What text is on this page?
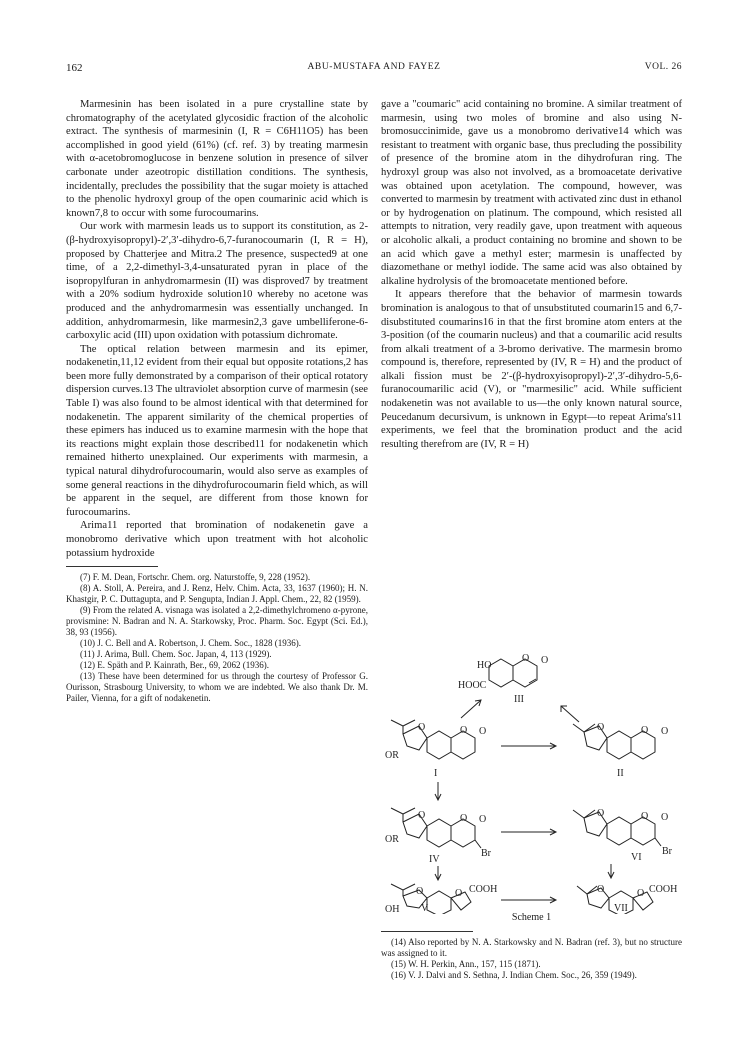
162	ABU-MUSTAFA AND FAYEZ	VOL. 26

Marmesinin has been isolated in a pure crystalline state by chromatography of the acetylated glycosidic fraction of the alcoholic extract. The synthesis of marmesinin (I, R = C6H11O5) has been accomplished in good yield (61%) (cf. ref. 3) by treating marmesin with α-acetobromoglucose in benzene solution in presence of silver carbonate under azeotropic distillation conditions. The synthesis, incidentally, precludes the possibility that the sugar moiety is attached to the phenolic hydroxyl group of the open coumarinic acid which is known7,8 to occur with some furocoumarins.

Our work with marmesin leads us to support its constitution, as 2-(β-hydroxyisopropyl)-2′,3′-dihydro-6,7-furanocoumarin (I, R = H), proposed by Chatterjee and Mitra.2 The presence, suspected9 at one time, of a 2,2-dimethyl-3,4-unsaturated pyran in place of the isopropylfuran in anhydromarmesin (II) was disproved7 by treatment with a 20% sodium hydroxide solution10 whereby no acetone was produced and the anhydromarmesin was essentially unchanged. In addition, anhydromarmesin, like marmesin2,3 gave umbelliferone-6-carboxylic acid (III) upon oxidation with potassium dichromate.

The optical relation between marmesin and its epimer, nodakenetin,11,12 evident from their equal but opposite rotations,2 has been more fully demonstrated by a comparison of their optical rotatory dispersion curves.13 The ultraviolet absorption curve of marmesin (see Table I) was also found to be almost identical with that determined for nodakenetin. The apparent similarity of the chemical properties of these epimers has induced us to examine marmesin with the hope that its reactions might explain those described11 for nodakenetin which remained hitherto unexplained. Our experiments with marmesin, a typical natural dihydrofurocoumarin, would also serve as examples of some general reactions in the dihydrofurocoumarin field which, as will be apparent in the sequel, are different from those known for furocoumarins.

Arima11 reported that bromination of nodakenetin gave a monobromo derivative which upon treatment with hot alcoholic potassium hydroxide

(7) F. M. Dean, Fortschr. Chem. org. Naturstoffe, 9, 228 (1952).

(8) A. Stoll, A. Pereira, and J. Renz, Helv. Chim. Acta, 33, 1637 (1960); H. N. Khastgir, P. C. Duttagupta, and P. Sengupta, Indian J. Appl. Chem., 22, 82 (1959).

(9) From the related A. visnaga was isolated a 2,2-dimethylchromeno α-pyrone, provismine: N. Badran and N. A. Starkowsky, Proc. Pharm. Soc. Egypt (Sci. Ed.), 38, 93 (1956).

(10) J. C. Bell and A. Robertson, J. Chem. Soc., 1828 (1936).

(11) J. Arima, Bull. Chem. Soc. Japan, 4, 113 (1929).

(12) E. Späth and P. Kainrath, Ber., 69, 2062 (1936).

(13) These have been determined for us through the courtesy of Professor G. Ourisson, Strasbourg University, to whom we are indebted. We also thank Dr. M. Pailer, Vienna, for a gift of nodakenetin.

gave a "coumaric" acid containing no bromine. A similar treatment of marmesin, using two moles of bromine and also using N-bromosuccinimide, gave us a monobromo derivative14 which was resistant to treatment with organic base, thus precluding the possibility of presence of the bromine atom in the dihydrofuran ring. The hydroxyl group was also not involved, as a bromoacetate derivative was obtained upon acetylation. The compound, however, was converted to marmesin by treatment with activated zinc dust in ethanol or by hydrogenation on platinum. The compound, which resisted all attempts to nitration, very readily gave, upon treatment with aqueous or alcoholic alkali, a product containing no bromine and shown to be an acid which gave a methyl ester; marmesin is unaffected by diazomethane or methyl iodide. The same acid was also obtained by alkaline hydrolysis of the bromoacetate mentioned before.

It appears therefore that the behavior of marmesin towards bromination is analogous to that of unsubstituted coumarin15 and 6,7-disubstituted coumarins16 in that the first bromine atom enters at the 3-position (of the coumarin nucleus) and that a coumarilic acid results from alkali treatment of a 3-bromo derivative. The marmesin bromo compound is, therefore, represented by (IV, R = H) and the product of alkali fission must be 2′-(β-hydroxyisopropyl)-2′,3′-dihydro-5,6-furanocoumarilic acid (V), or "marmesilic" acid. While sufficient nodakenetin was not available to us—the only known natural source, Peucedanum decursivum, is unknown in Egypt—to repeat Arima's11 experiments, we feel that the bromination product and the acid resulting therefrom are (IV, R = H)

HO
O O
HOOC
III
O	O O
OR
I
O	O O
II
O	O O
OR
Br
IV
O	O O
Br
VI
O	O COOH
OH
O	O COOH
V	VII
Scheme 1

(14) Also reported by N. A. Starkowsky and N. Badran (ref. 3), but no structure was assigned to it.

(15) W. H. Perkin, Ann., 157, 115 (1871).

(16) V. J. Dalvi and S. Sethna, J. Indian Chem. Soc., 26, 359 (1949).
